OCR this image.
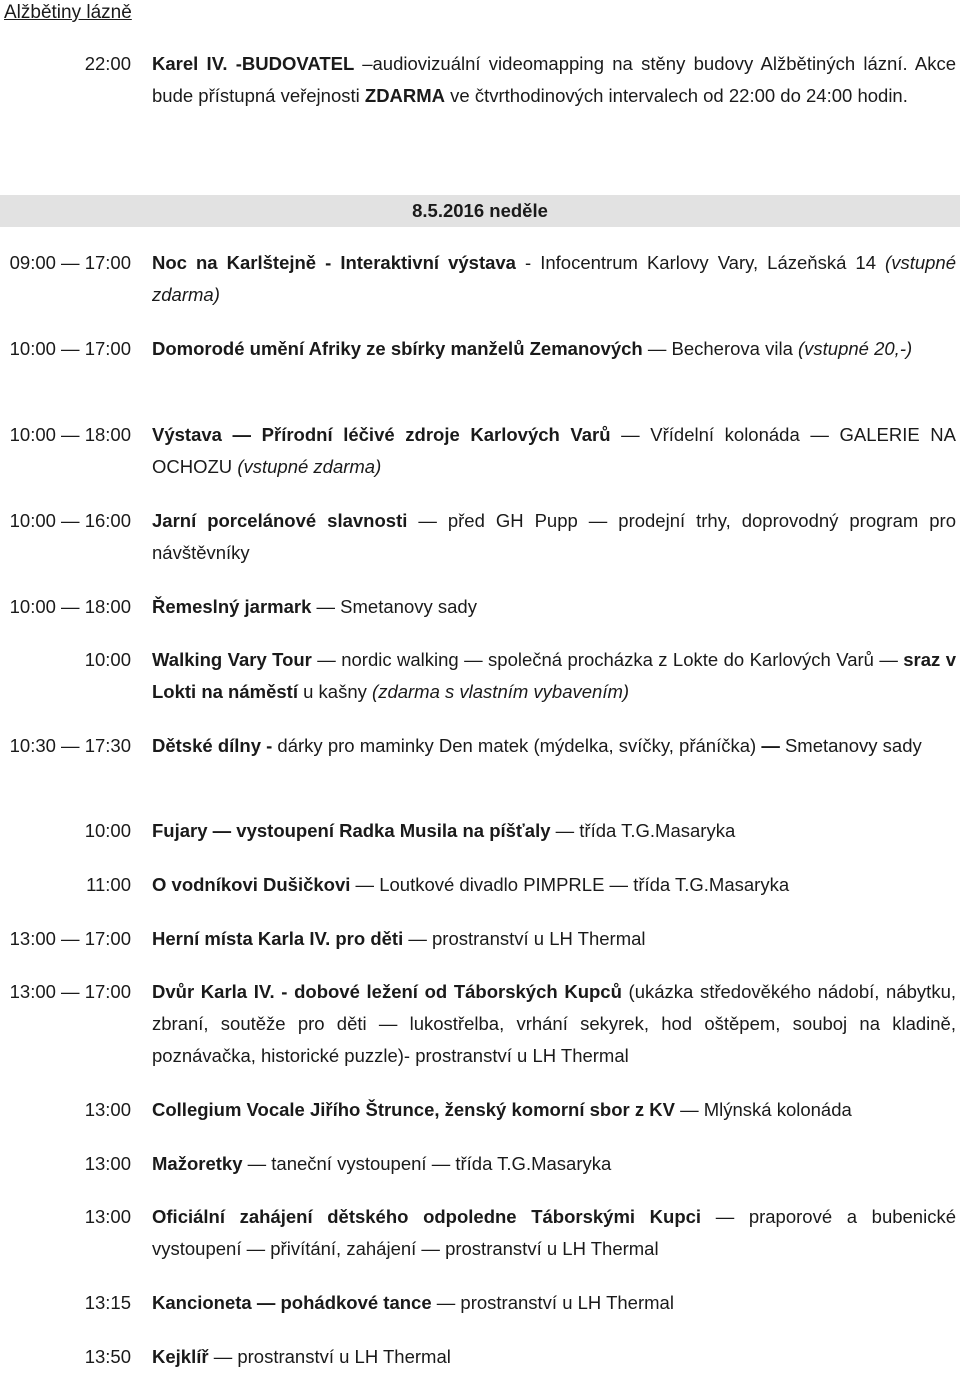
Alžbětiny lázně
8.5.2016 neděle
22:00 Karel IV. -BUDOVATEL –audiovizuální videomapping na stěny budovy Alžbětiných lázní. Akce bude přístupná veřejnosti ZDARMA ve čtvrthodinových intervalech od 22:00 do 24:00 hodin.
09:00 — 17:00 Noc na Karlštejně - Interaktivní výstava - Infocentrum Karlovy Vary, Lázeňská 14 (vstupné zdarma)
10:00 — 17:00 Domorodé umění Afriky ze sbírky manželů Zemanových — Becherova vila (vstupné 20,-)
10:00 — 18:00 Výstava — Přírodní léčivé zdroje Karlových Varů — Vřídelní kolonáda — GALERIE NA OCHOZU (vstupné zdarma)
10:00 — 16:00 Jarní porcelánové slavnosti — před GH Pupp — prodejní trhy, doprovodný program pro návštěvníky
10:00 — 18:00 Řemeslný jarmark — Smetanovy sady
10:00 Walking Vary Tour — nordic walking — společná procházka z Lokte do Karlových Varů — sraz v Lokti na náměstí u kašny (zdarma s vlastním vybavením)
10:30 — 17:30 Dětské dílny - dárky pro maminky Den matek (mýdelka, svíčky, přáníčka) — Smetanovy sady
10:00 Fujary — vystoupení Radka Musila na píšťaly — třída T.G.Masaryka
11:00 O vodníkovi Dušičkovi — Loutkové divadlo PIMPRLE — třída T.G.Masaryka
13:00 — 17:00 Herní místa Karla IV. pro děti — prostranství u LH Thermal
13:00 — 17:00 Dvůr Karla IV. - dobové ležení od Táborských Kupců (ukázka středověkého nádobí, nábytku, zbraní, soutěže pro děti — lukostřelba, vrhání sekyrek, hod oštěpem, souboj na kladině, poznávačka, historické puzzle)- prostranství u LH Thermal
13:00 Collegium Vocale Jiřího Štrunce, ženský komorní sbor z KV — Mlýnská kolonáda
13:00 Mažoretky — taneční vystoupení — třída T.G.Masaryka
13:00 Oficiální zahájení dětského odpoledne Táborskými Kupci — praporové a bubenické vystoupení — přivítání, zahájení — prostranství u LH Thermal
13:15 Kancioneta — pohádkové tance — prostranství u LH Thermal
13:50 Kejklíř — prostranství u LH Thermal
